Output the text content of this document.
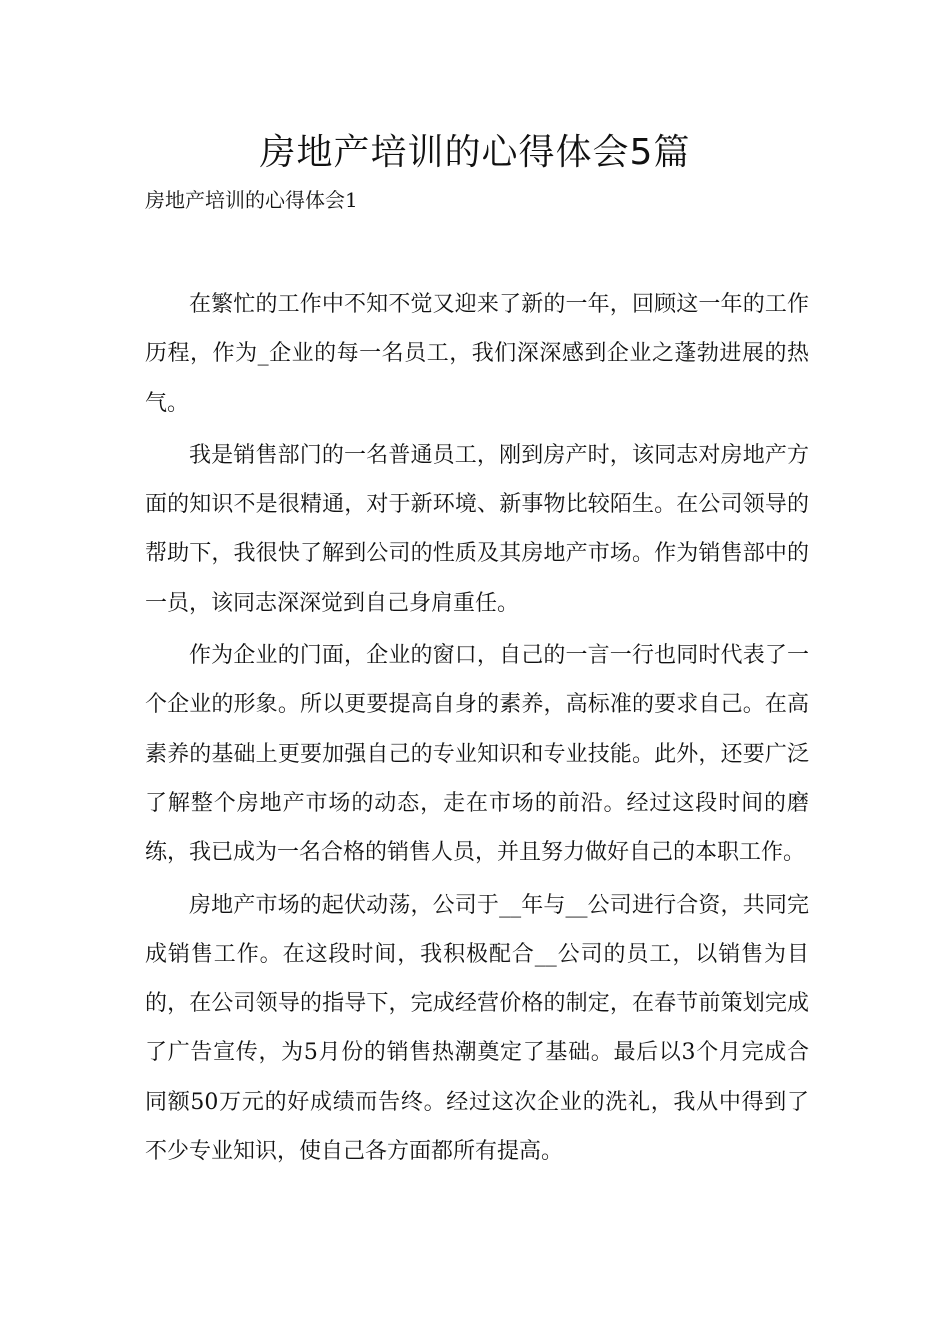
房地产培训的心得体会5篇
房地产培训的心得体会1

在繁忙的工作中不知不觉又迎来了新的一年，回顾这一年的工作历程，作为_企业的每一名员工，我们深深感到企业之蓬勃进展的热气。

我是销售部门的一名普通员工，刚到房产时，该同志对房地产方面的知识不是很精通，对于新环境、新事物比较陌生。在公司领导的帮助下，我很快了解到公司的性质及其房地产市场。作为销售部中的一员，该同志深深觉到自己身肩重任。

作为企业的门面，企业的窗口，自己的一言一行也同时代表了一个企业的形象。所以更要提高自身的素养，高标准的要求自己。在高素养的基础上更要加强自己的专业知识和专业技能。此外，还要广泛了解整个房地产市场的动态，走在市场的前沿。经过这段时间的磨练，我已成为一名合格的销售人员，并且努力做好自己的本职工作。

房地产市场的起伏动荡，公司于__年与__公司进行合资，共同完成销售工作。在这段时间，我积极配合__公司的员工，以销售为目的，在公司领导的指导下，完成经营价格的制定，在春节前策划完成了广告宣传，为5月份的销售热潮奠定了基础。最后以3个月完成合同额50万元的好成绩而告终。经过这次企业的洗礼，我从中得到了不少专业知识，使自己各方面都所有提高。
